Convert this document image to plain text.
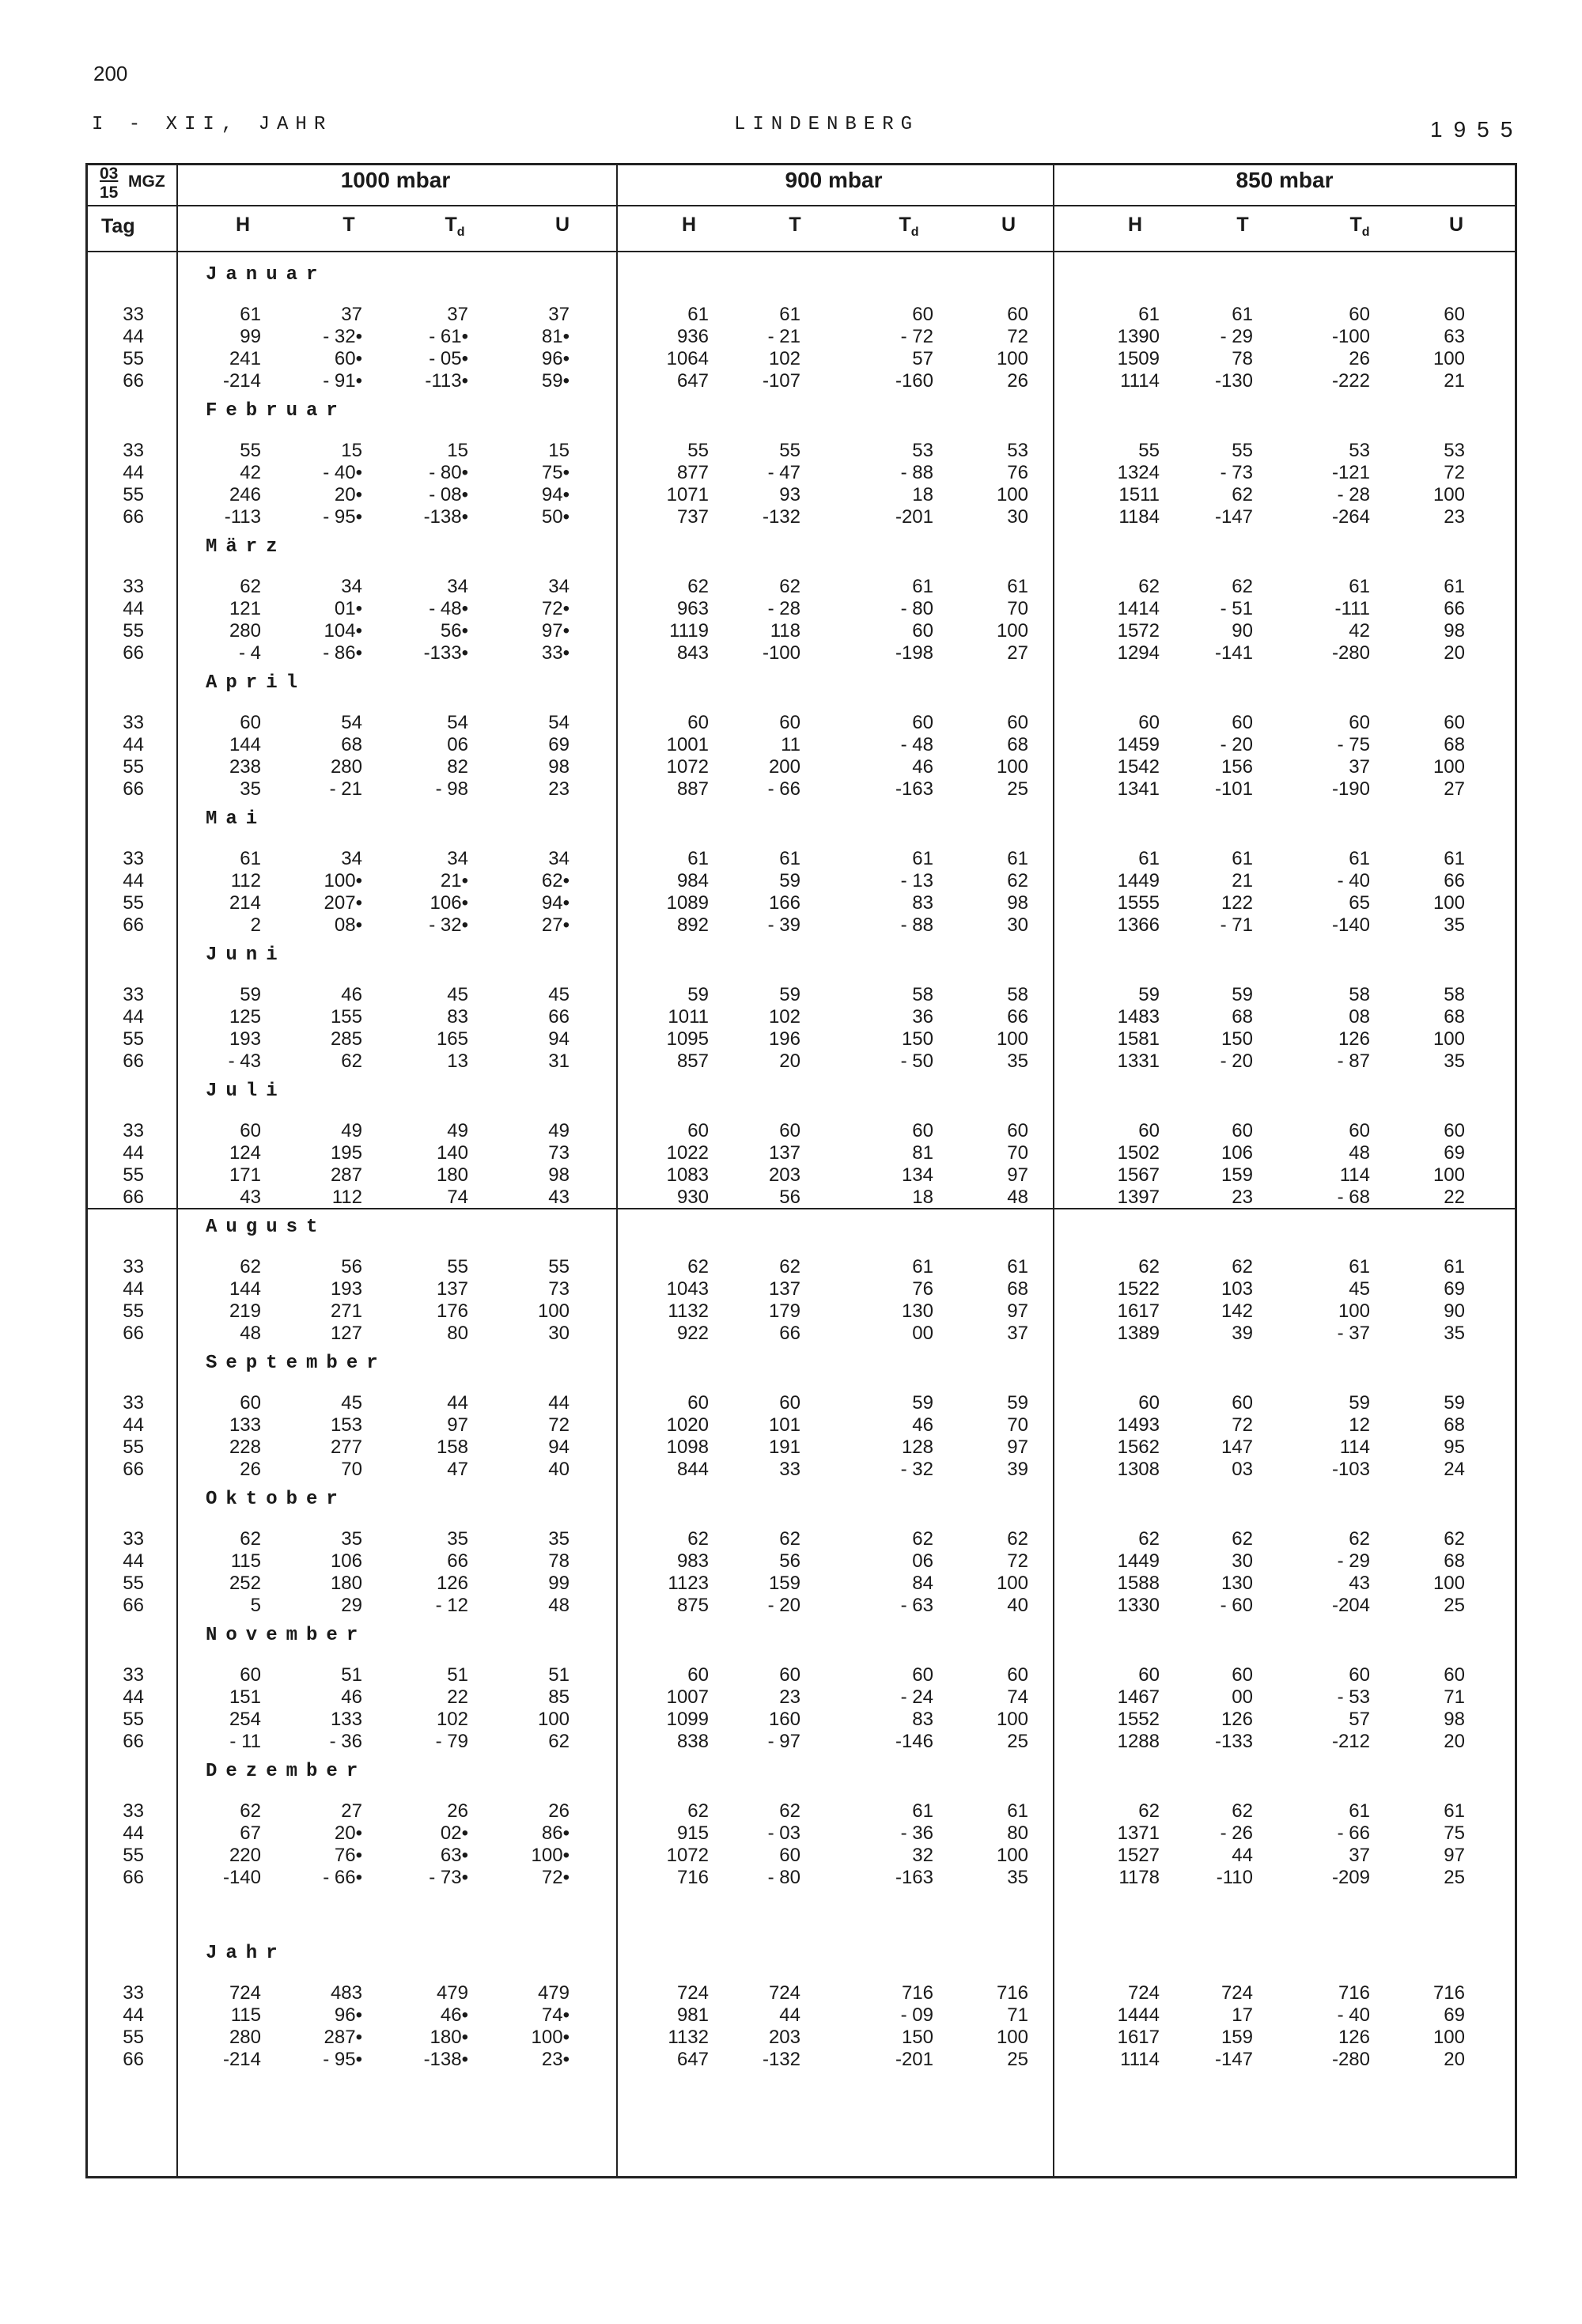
200
I - XII, JAHR	LINDENBERG	1955
03
15
MGZ
Tag
1000 mbar	900 mbar	850 mbar
H	T	$T_d$	U	H	T	$T_d$	U	H	T	$T_d$	U
Januar
33	61	37	37	37	61	61	60	60	61	61	60	60
44	99	- 32•	- 61•	81•	936	- 21	- 72	72	1390	- 29	-100	63
55	241	60•	- 05•	96•	1064	102	57	100	1509	78	26	100
66	-214	- 91•	-113•	59•	647	-107	-160	26	1114	-130	-222	21
Februar
33	55	15	15	15	55	55	53	53	55	55	53	53
44	42	- 40•	- 80•	75•	877	- 47	- 88	76	1324	- 73	-121	72
55	246	20•	- 08•	94•	1071	93	18	100	1511	62	- 28	100
66	-113	- 95•	-138•	50•	737	-132	-201	30	1184	-147	-264	23
März
33	62	34	34	34	62	62	61	61	62	62	61	61
44	121	01•	- 48•	72•	963	- 28	- 80	70	1414	- 51	-111	66
55	280	104•	56•	97•	1119	118	60	100	1572	90	42	98
66	- 4	- 86•	-133•	33•	843	-100	-198	27	1294	-141	-280	20
April
33	60	54	54	54	60	60	60	60	60	60	60	60
44	144	68	06	69	1001	11	- 48	68	1459	- 20	- 75	68
55	238	280	82	98	1072	200	46	100	1542	156	37	100
66	35	- 21	- 98	23	887	- 66	-163	25	1341	-101	-190	27
Mai
33	61	34	34	34	61	61	61	61	61	61	61	61
44	112	100•	21•	62•	984	59	- 13	62	1449	21	- 40	66
55	214	207•	106•	94•	1089	166	83	98	1555	122	65	100
66	2	08•	- 32•	27•	892	- 39	- 88	30	1366	- 71	-140	35
Juni
33	59	46	45	45	59	59	58	58	59	59	58	58
44	125	155	83	66	1011	102	36	66	1483	68	08	68
55	193	285	165	94	1095	196	150	100	1581	150	126	100
66	- 43	62	13	31	857	20	- 50	35	1331	- 20	- 87	35
Juli
33	60	49	49	49	60	60	60	60	60	60	60	60
44	124	195	140	73	1022	137	81	70	1502	106	48	69
55	171	287	180	98	1083	203	134	97	1567	159	114	100
66	43	112	74	43	930	56	18	48	1397	23	- 68	22
August
33	62	56	55	55	62	62	61	61	62	62	61	61
44	144	193	137	73	1043	137	76	68	1522	103	45	69
55	219	271	176	100	1132	179	130	97	1617	142	100	90
66	48	127	80	30	922	66	00	37	1389	39	- 37	35
September
33	60	45	44	44	60	60	59	59	60	60	59	59
44	133	153	97	72	1020	101	46	70	1493	72	12	68
55	228	277	158	94	1098	191	128	97	1562	147	114	95
66	26	70	47	40	844	33	- 32	39	1308	03	-103	24
Oktober
33	62	35	35	35	62	62	62	62	62	62	62	62
44	115	106	66	78	983	56	06	72	1449	30	- 29	68
55	252	180	126	99	1123	159	84	100	1588	130	43	100
66	5	29	- 12	48	875	- 20	- 63	40	1330	- 60	-204	25
November
33	60	51	51	51	60	60	60	60	60	60	60	60
44	151	46	22	85	1007	23	- 24	74	1467	00	- 53	71
55	254	133	102	100	1099	160	83	100	1552	126	57	98
66	- 11	- 36	- 79	62	838	- 97	-146	25	1288	-133	-212	20
Dezember
33	62	27	26	26	62	62	61	61	62	62	61	61
44	67	20•	02•	86•	915	- 03	- 36	80	1371	- 26	- 66	75
55	220	76•	63•	100•	1072	60	32	100	1527	44	37	97
66	-140	- 66•	- 73•	72•	716	- 80	-163	35	1178	-110	-209	25
Jahr
33	724	483	479	479	724	724	716	716	724	724	716	716
44	115	96•	46•	74•	981	44	- 09	71	1444	17	- 40	69
55	280	287•	180•	100•	1132	203	150	100	1617	159	126	100
66	-214	- 95•	-138•	23•	647	-132	-201	25	1114	-147	-280	20
